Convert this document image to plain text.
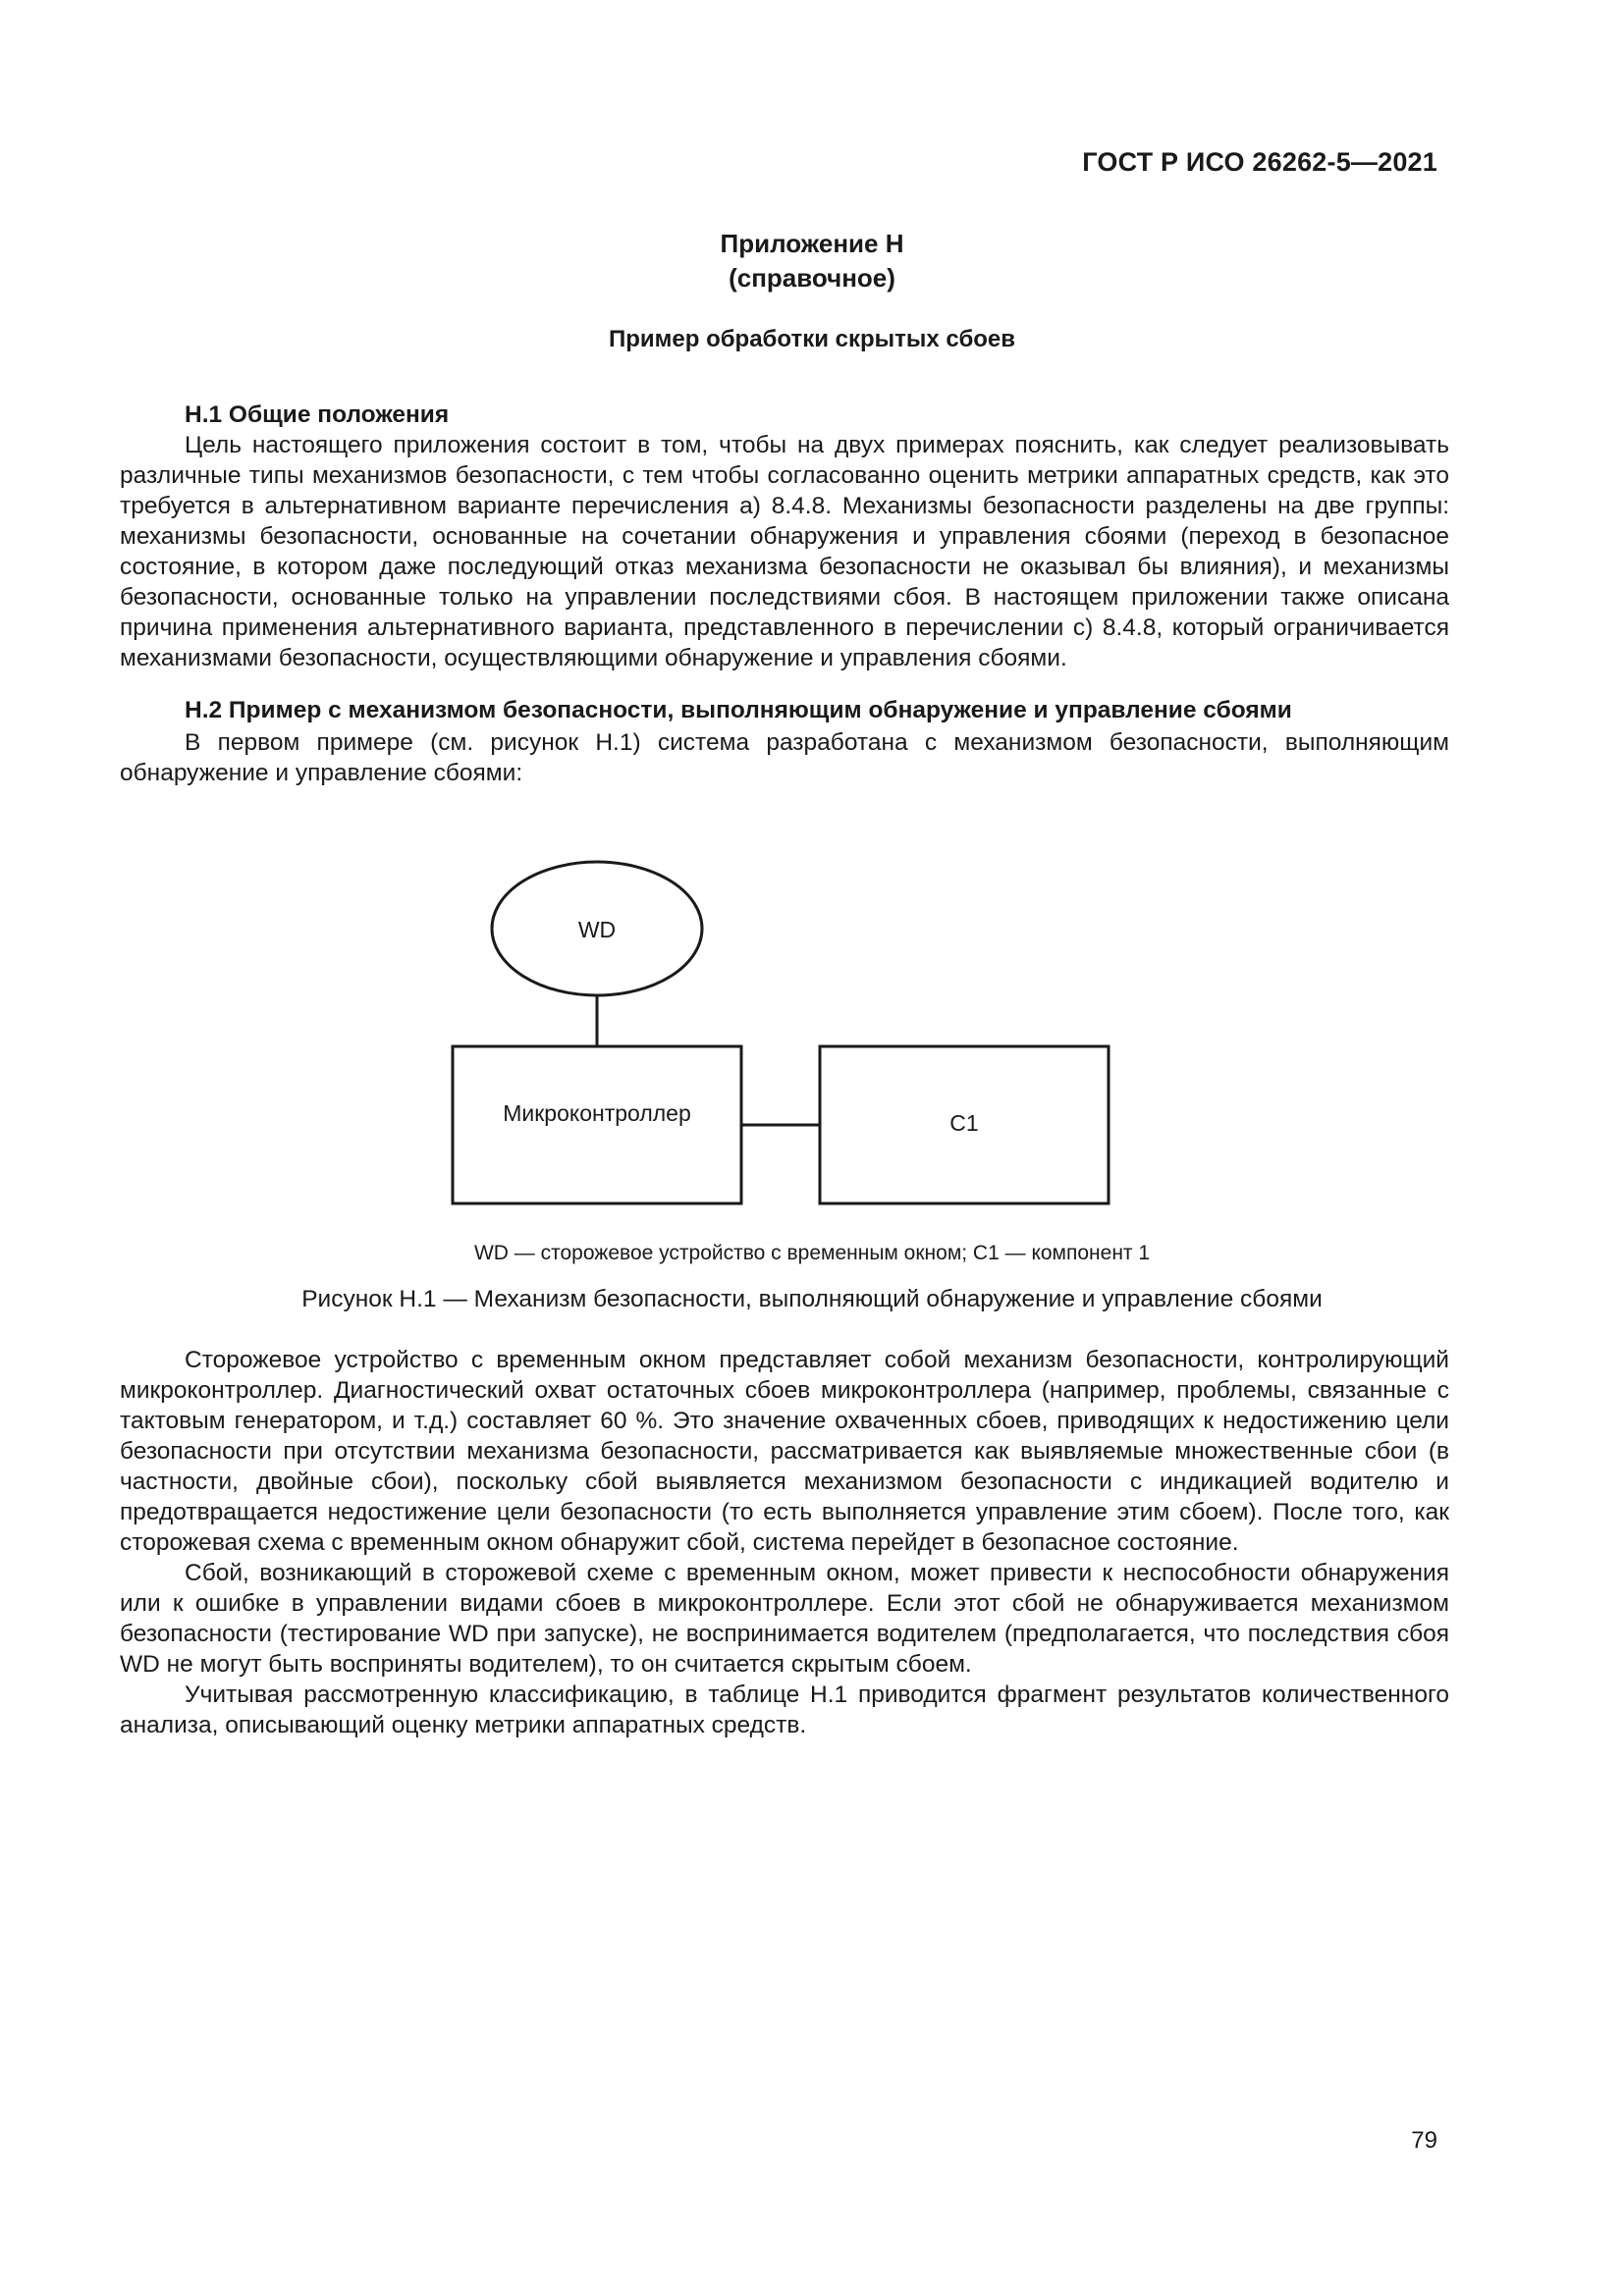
ГОСТ Р ИСО 26262-5—2021
Приложение Н
(справочное)
Пример обработки скрытых сбоев

Н.1 Общие положения

Цель настоящего приложения состоит в том, чтобы на двух примерах пояснить, как следует реализовывать различные типы механизмов безопасности, с тем чтобы согласованно оценить метрики аппаратных средств, как это требуется в альтернативном варианте перечисления а) 8.4.8. Механизмы безопасности разделены на две группы: механизмы безопасности, основанные на сочетании обнаружения и управления сбоями (переход в безопасное состояние, в котором даже последующий отказ механизма безопасности не оказывал бы влияния), и механизмы безопасности, основанные только на управлении последствиями сбоя. В настоящем приложении также описана причина применения альтернативного варианта, представленного в перечислении с) 8.4.8, который ограничивается механизмами безопасности, осуществляющими обнаружение и управления сбоями.

Н.2 Пример с механизмом безопасности, выполняющим обнаружение и управление сбоями

В первом примере (см. рисунок Н.1) система разработана с механизмом безопасности, выполняющим обнаружение и управление сбоями:

WD
Микроконтроллер	C1
WD — сторожевое устройство с временным окном; C1 — компонент 1
Рисунок Н.1 — Механизм безопасности, выполняющий обнаружение и управление сбоями

Сторожевое устройство с временным окном представляет собой механизм безопасности, контролирующий микроконтроллер. Диагностический охват остаточных сбоев микроконтроллера (например, проблемы, связанные с тактовым генератором, и т.д.) составляет 60 %. Это значение охваченных сбоев, приводящих к недостижению цели безопасности при отсутствии механизма безопасности, рассматривается как выявляемые множественные сбои (в частности, двойные сбои), поскольку сбой выявляется механизмом безопасности с индикацией водителю и предотвращается недостижение цели безопасности (то есть выполняется управление этим сбоем). После того, как сторожевая схема с временным окном обнаружит сбой, система перейдет в безопасное состояние.

Сбой, возникающий в сторожевой схеме с временным окном, может привести к неспособности обнаружения или к ошибке в управлении видами сбоев в микроконтроллере. Если этот сбой не обнаруживается механизмом безопасности (тестирование WD при запуске), не воспринимается водителем (предполагается, что последствия сбоя WD не могут быть восприняты водителем), то он считается скрытым сбоем.

Учитывая рассмотренную классификацию, в таблице Н.1 приводится фрагмент результатов количественного анализа, описывающий оценку метрики аппаратных средств.

79
